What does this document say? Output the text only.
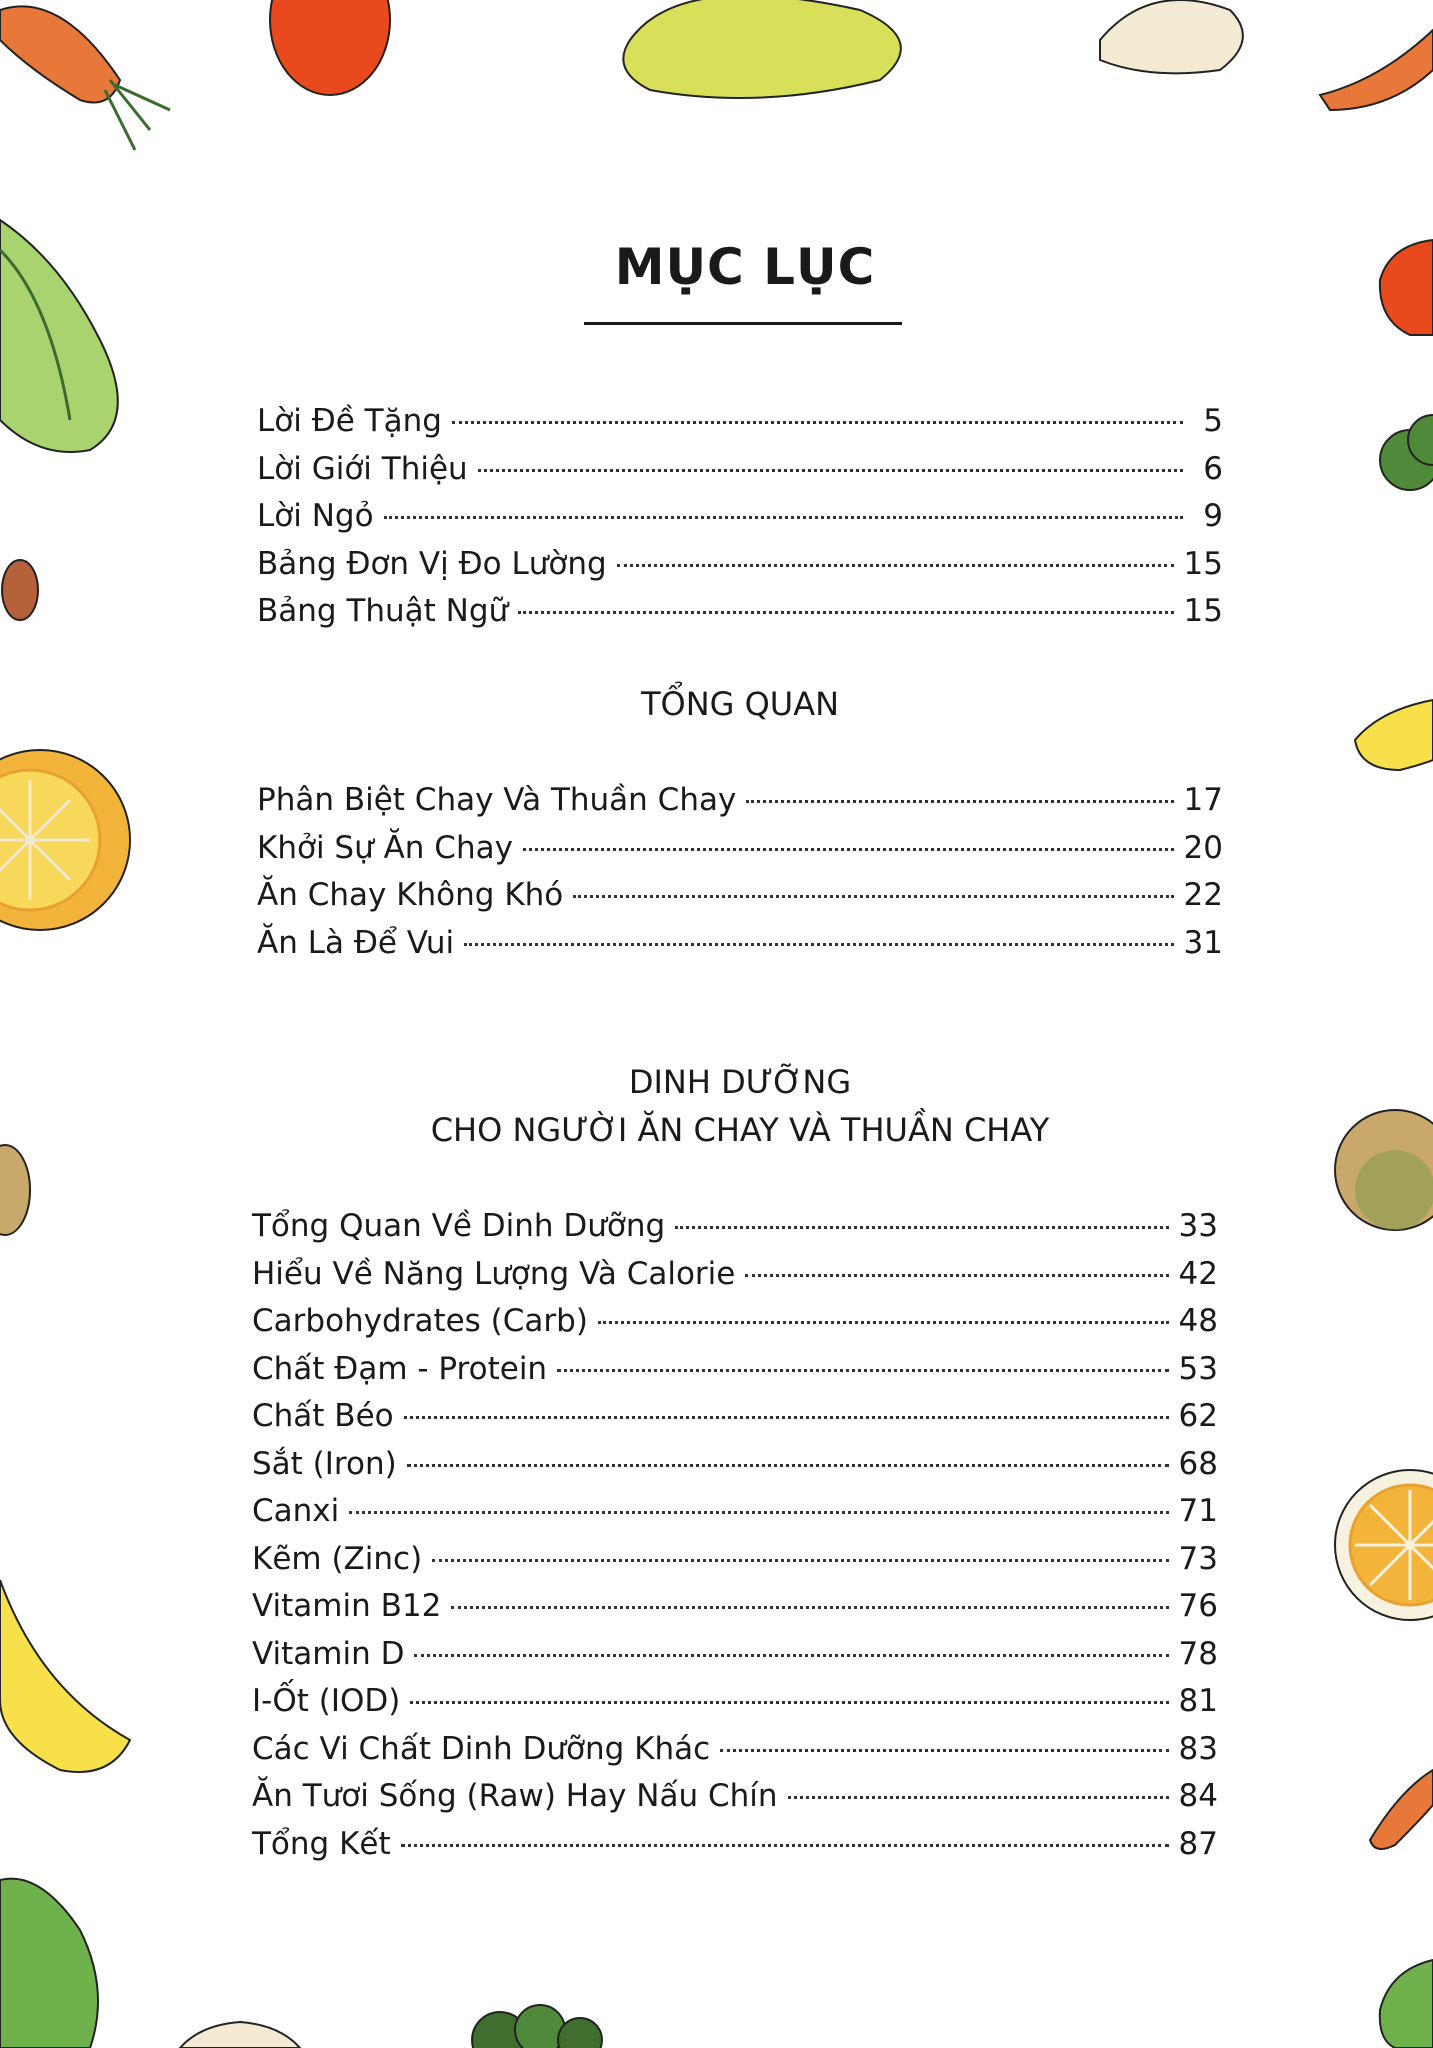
MỤC LỤC
Lời Đề Tặng	5
Lời Giới Thiệu	6
Lời Ngỏ	9
Bảng Đơn Vị Đo Lường	15
Bảng Thuật Ngữ	15
TỔNG QUAN
Phân Biệt Chay Và Thuần Chay	17
Khởi Sự Ăn Chay	20
Ăn Chay Không Khó	22
Ăn Là Để Vui	31
DINH DƯỠNG
CHO NGƯỜI ĂN CHAY VÀ THUẦN CHAY
Tổng Quan Về Dinh Dưỡng	33
Hiểu Về Năng Lượng Và Calorie	42
Carbohydrates (Carb)	48
Chất Đạm - Protein	53
Chất Béo	62
Sắt (Iron)	68
Canxi	71
Kẽm (Zinc)	73
Vitamin B12	76
Vitamin D	78
I-Ốt (IOD)	81
Các Vi Chất Dinh Dưỡng Khác	83
Ăn Tươi Sống (Raw) Hay Nấu Chín	84
Tổng Kết	87
